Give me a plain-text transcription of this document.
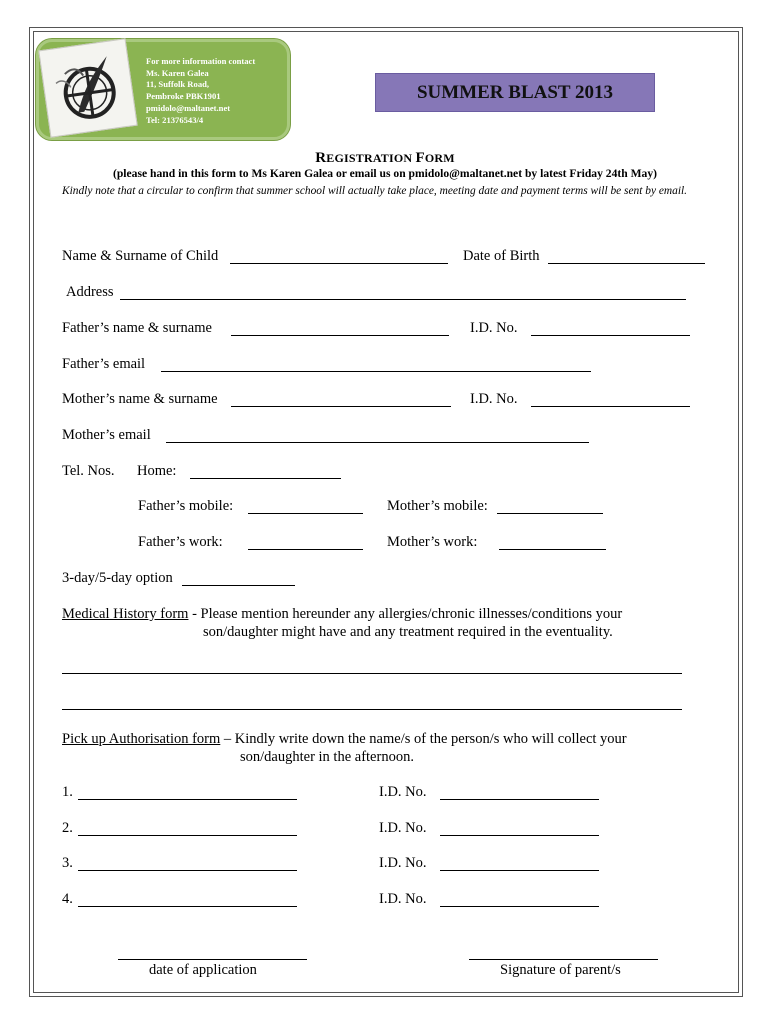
For more information contact
Ms. Karen Galea
11, Suffolk Road,
Pembroke PBK1901
pmidolo@maltanet.net
Tel: 21376543/4
SUMMER BLAST 2013
REGISTRATION FORM
(please hand in this form to Ms Karen Galea or email us on pmidolo@maltanet.net by latest Friday 24th May)
Kindly note that a circular to confirm that summer school will actually take place, meeting date and payment terms will be sent by email.
Name & Surname of Child	Date of Birth
Address
Father’s name & surname	I.D. No.
Father’s email
Mother’s name & surname	I.D. No.
Mother’s email
Tel. Nos. Home:
Father’s mobile:	Mother’s mobile:
Father’s work:	Mother’s work:
3-day/5-day option
Medical History form - Please mention hereunder any allergies/chronic illnesses/conditions your
son/daughter might have and any treatment required in the eventuality.
Pick up Authorisation form – Kindly write down the name/s of the person/s who will collect your
son/daughter in the afternoon.
1.	I.D. No.
2.	I.D. No.
3.	I.D. No.
4.	I.D. No.
date of application	Signature of parent/s
